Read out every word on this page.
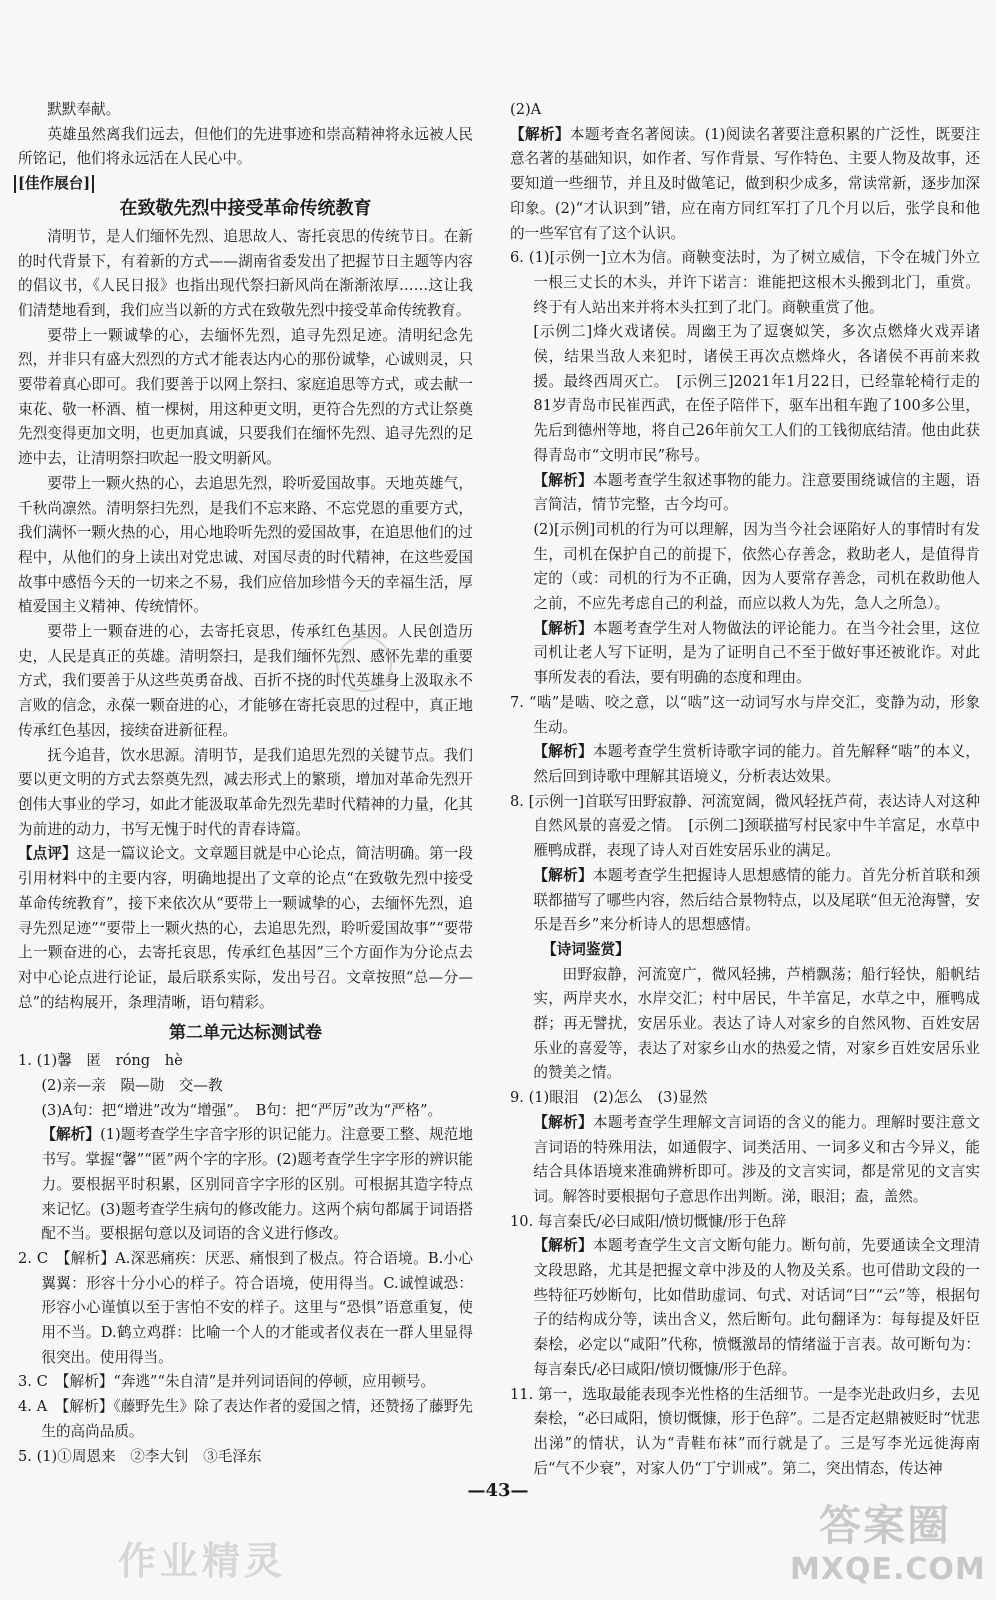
默默奉献。

英雄虽然离我们远去，但他们的先进事迹和崇高精神将永远被人民所铭记，他们将永远活在人民心中。

[佳作展台]
在致敬先烈中接受革命传统教育

清明节，是人们缅怀先烈、追思故人、寄托哀思的传统节日。在新的时代背景下，有着新的方式——湖南省委发出了把握节日主题等内容的倡议书，《人民日报》也指出现代祭扫新风尚在渐渐浓厚……这让我们清楚地看到，我们应当以新的方式在致敬先烈中接受革命传统教育。

要带上一颗诚挚的心，去缅怀先烈，追寻先烈足迹。清明纪念先烈，并非只有盛大烈烈的方式才能表达内心的那份诚挚，心诚则灵，只要带着真心即可。我们要善于以网上祭扫、家庭追思等方式，或去献一束花、敬一杯酒、植一棵树，用这种更文明，更符合先烈的方式让祭奠先烈变得更加文明，也更加真诚，只要我们在缅怀先烈、追寻先烈的足迹中去，让清明祭扫吹起一股文明新风。

要带上一颗火热的心，去追思先烈，聆听爱国故事。天地英雄气，千秋尚凛然。清明祭扫先烈，是我们不忘来路、不忘党恩的重要方式，我们满怀一颗火热的心，用心地聆听先烈的爱国故事，在追思他们的过程中，从他们的身上读出对党忠诚、对国尽责的时代精神，在这些爱国故事中感悟今天的一切来之不易，我们应倍加珍惜今天的幸福生活，厚植爱国主义精神、传统情怀。

要带上一颗奋进的心，去寄托哀思，传承红色基因。人民创造历史，人民是真正的英雄。清明祭扫，是我们缅怀先烈、感怀先辈的重要方式，我们要善于从这些英勇奋战、百折不挠的时代英雄身上汲取永不言败的信念，永葆一颗奋进的心，才能够在寄托哀思的过程中，真正地传承红色基因，接续奋进新征程。

抚今追昔，饮水思源。清明节，是我们追思先烈的关键节点。我们要以更文明的方式去祭奠先烈，减去形式上的繁琐，增加对革命先烈开创伟大事业的学习，如此才能汲取革命先烈先辈时代精神的力量，化其为前进的动力，书写无愧于时代的青春诗篇。

【点评】这是一篇议论文。文章题目就是中心论点，简洁明确。第一段引用材料中的主要内容，明确地提出了文章的论点“在致敬先烈中接受革命传统教育”，接下来依次从“要带上一颗诚挚的心，去缅怀先烈，追寻先烈足迹”“要带上一颗火热的心，去追思先烈，聆听爱国故事”“要带上一颗奋进的心，去寄托哀思，传承红色基因”三个方面作为分论点去对中心论点进行论证，最后联系实际，发出号召。文章按照“总—分—总”的结构展开，条理清晰，语句精彩。

第二单元达标测试卷

1. (1)馨　匿　róng　hè

(2)亲—亲　陨—勋　交—教

(3)A句：把“增进”改为“增强”。　B句：把“严厉”改为“严格”。

【解析】(1)题考查学生字音字形的识记能力。注意要工整、规范地书写。掌握“馨”“匿”两个字的字形。(2)题考查学生字字形的辨识能力。要根据平时积累，区别同音字字形的区别。可根据其造字特点来记忆。(3)题考查学生病句的修改能力。这两个病句都属于词语搭配不当。要根据句意以及词语的含义进行修改。

2. C　【解析】A.深恶痛疾：厌恶、痛恨到了极点。符合语境。B.小心翼翼：形容十分小心的样子。符合语境，使用得当。C.诚惶诚恐：形容小心谨慎以至于害怕不安的样子。这里与“恐惧”语意重复，使用不当。D.鹤立鸡群：比喻一个人的才能或者仪表在一群人里显得很突出。使用得当。

3. C　【解析】“奔逃”“朱自清”是并列词语间的停顿，应用顿号。

4. A　【解析】《藤野先生》除了表达作者的爱国之情，还赞扬了藤野先生的高尚品质。

5. (1)①周恩来　②李大钊　③毛泽东

(2)A

【解析】本题考查名著阅读。(1)阅读名著要注意积累的广泛性，既要注意名著的基础知识，如作者、写作背景、写作特色、主要人物及故事，还要知道一些细节，并且及时做笔记，做到积少成多，常读常新，逐步加深印象。(2)“才认识到”错，应在南方同红军打了几个月以后，张学良和他的一些军官有了这个认识。

6. (1)[示例一]立木为信。商鞅变法时，为了树立威信，下令在城门外立一根三丈长的木头，并许下诺言：谁能把这根木头搬到北门，重赏。终于有人站出来并将木头扛到了北门。商鞅重赏了他。

[示例二]烽火戏诸侯。周幽王为了逗褒姒笑，多次点燃烽火戏弄诸侯，结果当敌人来犯时，诸侯王再次点燃烽火，各诸侯不再前来救援。最终西周灭亡。　[示例三]2021年1月22日，已经靠轮椅行走的81岁青岛市民崔西武，在侄子陪伴下，驱车出租车跑了100多公里，先后到德州等地，将自己26年前欠工人们的工钱彻底结清。他由此获得青岛市“文明市民”称号。

【解析】本题考查学生叙述事物的能力。注意要围绕诚信的主题，语言简洁，情节完整，古今均可。

(2)[示例]司机的行为可以理解，因为当今社会诬陷好人的事情时有发生，司机在保护自己的前提下，依然心存善念，救助老人，是值得肯定的（或：司机的行为不正确，因为人要常存善念，司机在救助他人之前，不应先考虑自己的利益，而应以救人为先，急人之所急）。

【解析】本题考查学生对人物做法的评论能力。在当今社会里，这位司机让老人写下证明，是为了证明自己不至于做好事还被讹诈。对此事所发表的看法，要有明确的态度和理由。

7. “啮”是啮、咬之意，以“啮”这一动词写水与岸交汇，变静为动，形象生动。

【解析】本题考查学生赏析诗歌字词的能力。首先解释“啮”的本义，然后回到诗歌中理解其语境义，分析表达效果。

8. [示例一]首联写田野寂静、河流宽阔，微风轻抚芦荷，表达诗人对这种自然风景的喜爱之情。　[示例二]颈联描写村民家中牛羊富足，水草中雁鸭成群，表现了诗人对百姓安居乐业的满足。

【解析】本题考查学生把握诗人思想感情的能力。首先分析首联和颈联都描写了哪些内容，然后结合景物特点，以及尾联“但无沧海譬，安乐是吾乡”来分析诗人的思想感情。

【诗词鉴赏】

田野寂静，河流宽广，微风轻拂，芦梢飘荡；船行轻快，船帆结实，两岸夹水，水岸交汇；村中居民，牛羊富足，水草之中，雁鸭成群；再无譬扰，安居乐业。表达了诗人对家乡的自然风物、百姓安居乐业的喜爱等，表达了对家乡山水的热爱之情，对家乡百姓安居乐业的赞美之情。

9. (1)眼泪　(2)怎么　(3)显然

【解析】本题考查学生理解文言词语的含义的能力。理解时要注意文言词语的特殊用法，如通假字、词类活用、一词多义和古今异义，能结合具体语境来准确辨析即可。涉及的文言实词，都是常见的文言实词。解答时要根据句子意思作出判断。涕，眼泪；盍，盖然。

10. 每言秦氏/必曰咸阳/愤切慨慷/形于色辞

【解析】本题考查学生文言文断句能力。断句前，先要通读全文理清文段思路，尤其是把握文章中涉及的人物及关系。也可借助文段的一些特征巧妙断句，比如借助虚词、句式、对话词“曰”“云”等，根据句子的结构成分等，读出含义，然后断句。此句翻译为：每每提及奸臣秦桧，必定以“咸阳”代称，愤慨激昂的情绪溢于言表。故可断句为：每言秦氏/必曰咸阳/愤切慨慷/形于色辞。

11. 第一，选取最能表现李光性格的生活细节。一是李光赴政归乡，去见秦桧，“必曰咸阳，愤切慨慷，形于色辞”。二是否定赵鼎被贬时“忧悲出涕”的情状，认为“青鞋布袜”而行就是了。三是写李光远徙海南后“气不少衰”，对家人仍“丁宁训戒”。第二，突出情态，传达神

—43—
作业精灵
答案圈
MXQE.COM
